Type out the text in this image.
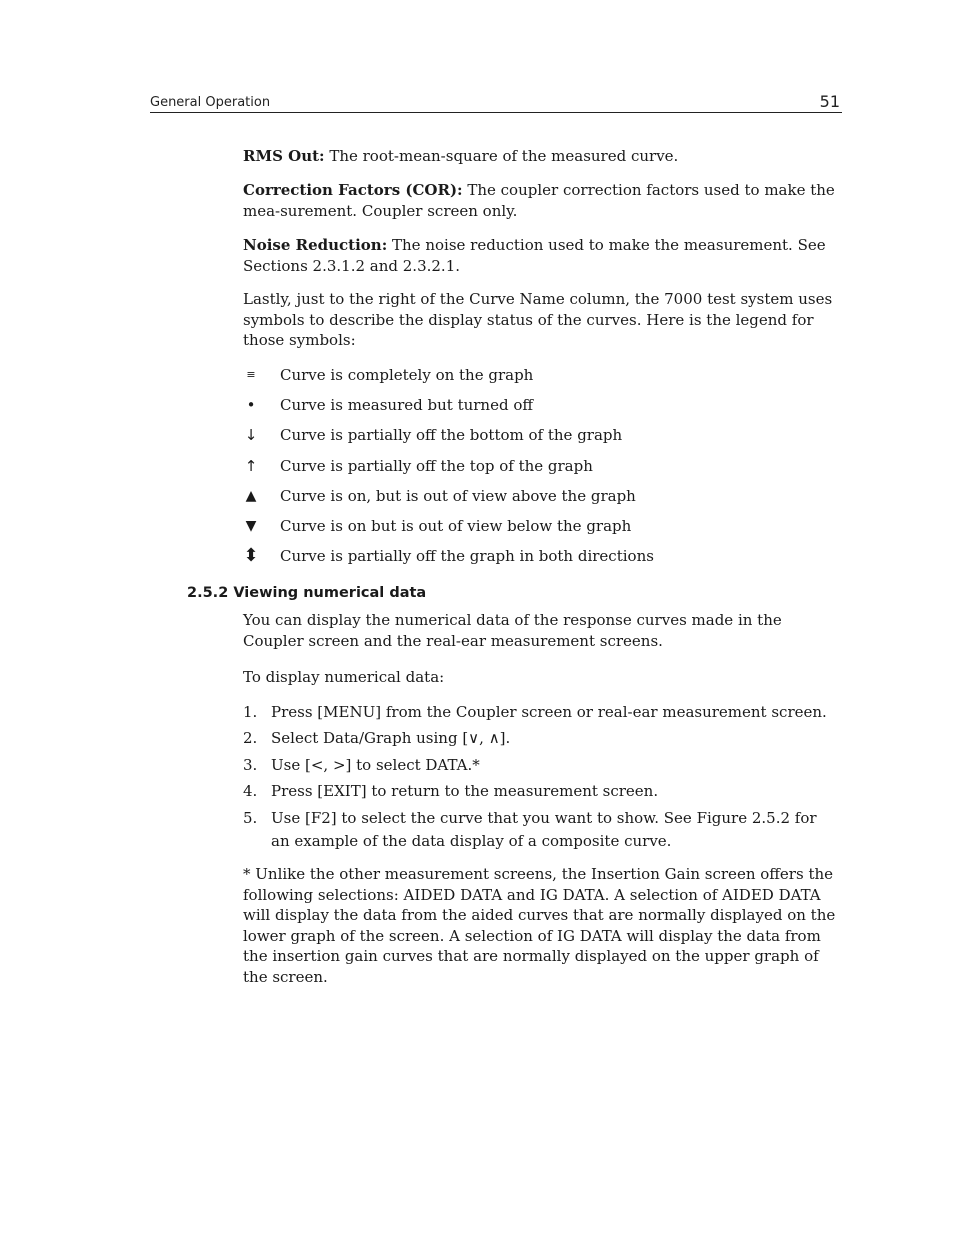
General Operation	51

RMS Out: The root-mean-square of the measured curve.

Correction Factors (COR): The coupler correction factors used to make the mea-surement. Coupler screen only.

Noise Reduction: The noise reduction used to make the measurement. See Sections 2.3.1.2 and 2.3.2.1.

Lastly, just to the right of the Curve Name column, the 7000 test system uses symbols to describe the display status of the curves. Here is the legend for those symbols:

≡ Curve is completely on the graph
• Curve is measured but turned off
↓ Curve is partially off the bottom of the graph
↑ Curve is partially off the top of the graph
▲ Curve is on, but is out of view above the graph
▼ Curve is on but is out of view below the graph
⬍ Curve is partially off the graph in both directions
2.5.2 Viewing numerical data

You can display the numerical data of the response curves made in the Coupler screen and the real-ear measurement screens.

To display numerical data:

1. Press [MENU] from the Coupler screen or real-ear measurement screen.
2. Select Data/Graph using [∨, ∧].
3. Use [<, >] to select DATA.*
4. Press [EXIT] to return to the measurement screen.
5. Use [F2] to select the curve that you want to show. See Figure 2.5.2 for an example of the data display of a composite curve.

* Unlike the other measurement screens, the Insertion Gain screen offers the following selections: AIDED DATA and IG DATA. A selection of AIDED DATA will display the data from the aided curves that are normally displayed on the lower graph of the screen. A selection of IG DATA will display the data from the insertion gain curves that are normally displayed on the upper graph of the screen.
